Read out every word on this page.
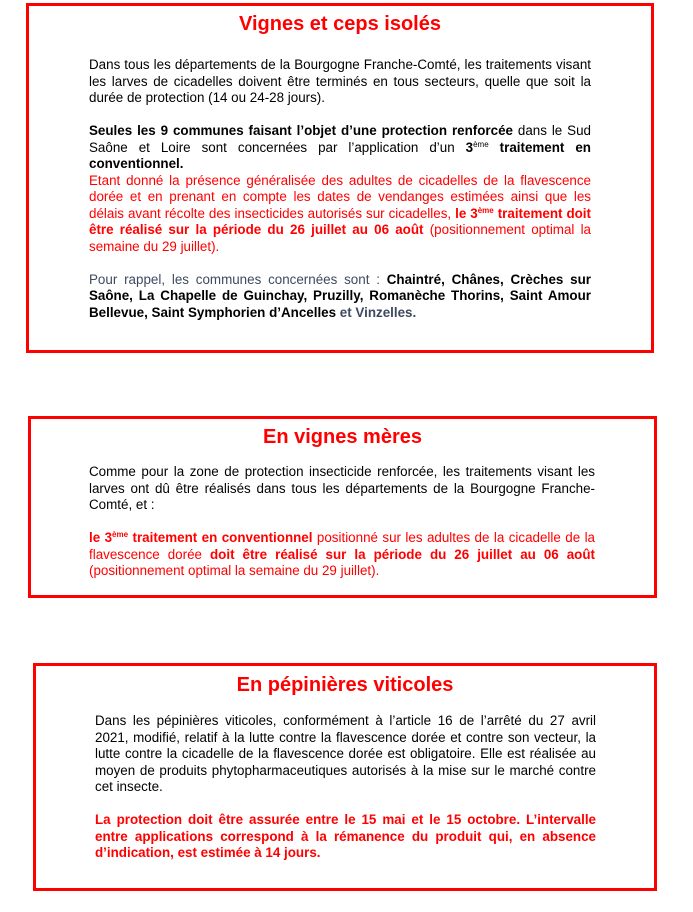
Vignes et ceps isolés

Dans tous les départements de la Bourgogne Franche-Comté, les traitements visant les larves de cicadelles doivent être terminés en tous secteurs, quelle que soit la durée de protection (14 ou 24-28 jours).

Seules les 9 communes faisant l’objet d’une protection renforcée dans le Sud Saône et Loire sont concernées par l’application d’un 3ème traitement en conventionnel.

Etant donné la présence généralisée des adultes de cicadelles de la flavescence dorée et en prenant en compte les dates de vendanges estimées ainsi que les délais avant récolte des insecticides autorisés sur cicadelles, le 3ème traitement doit être réalisé sur la période du 26 juillet au 06 août (positionnement optimal la semaine du 29 juillet).

Pour rappel, les communes concernées sont : Chaintré, Chânes, Crèches sur Saône, La Chapelle de Guinchay, Pruzilly, Romanèche Thorins, Saint Amour Bellevue, Saint Symphorien d’Ancelles et Vinzelles.

En vignes mères

Comme pour la zone de protection insecticide renforcée, les traitements visant les larves ont dû être réalisés dans tous les départements de la Bourgogne Franche-Comté, et :

le 3ème traitement en conventionnel positionné sur les adultes de la cicadelle de la flavescence dorée doit être réalisé sur la période du 26 juillet au 06 août (positionnement optimal la semaine du 29 juillet).

En pépinières viticoles

Dans les pépinières viticoles, conformément à l’article 16 de l’arrêté du 27 avril 2021, modifié, relatif à la lutte contre la flavescence dorée et contre son vecteur, la lutte contre la cicadelle de la flavescence dorée est obligatoire. Elle est réalisée au moyen de produits phytopharmaceutiques autorisés à la mise sur le marché contre cet insecte.

La protection doit être assurée entre le 15 mai et le 15 octobre. L’intervalle entre applications correspond à la rémanence du produit qui, en absence d’indication, est estimée à 14 jours.
